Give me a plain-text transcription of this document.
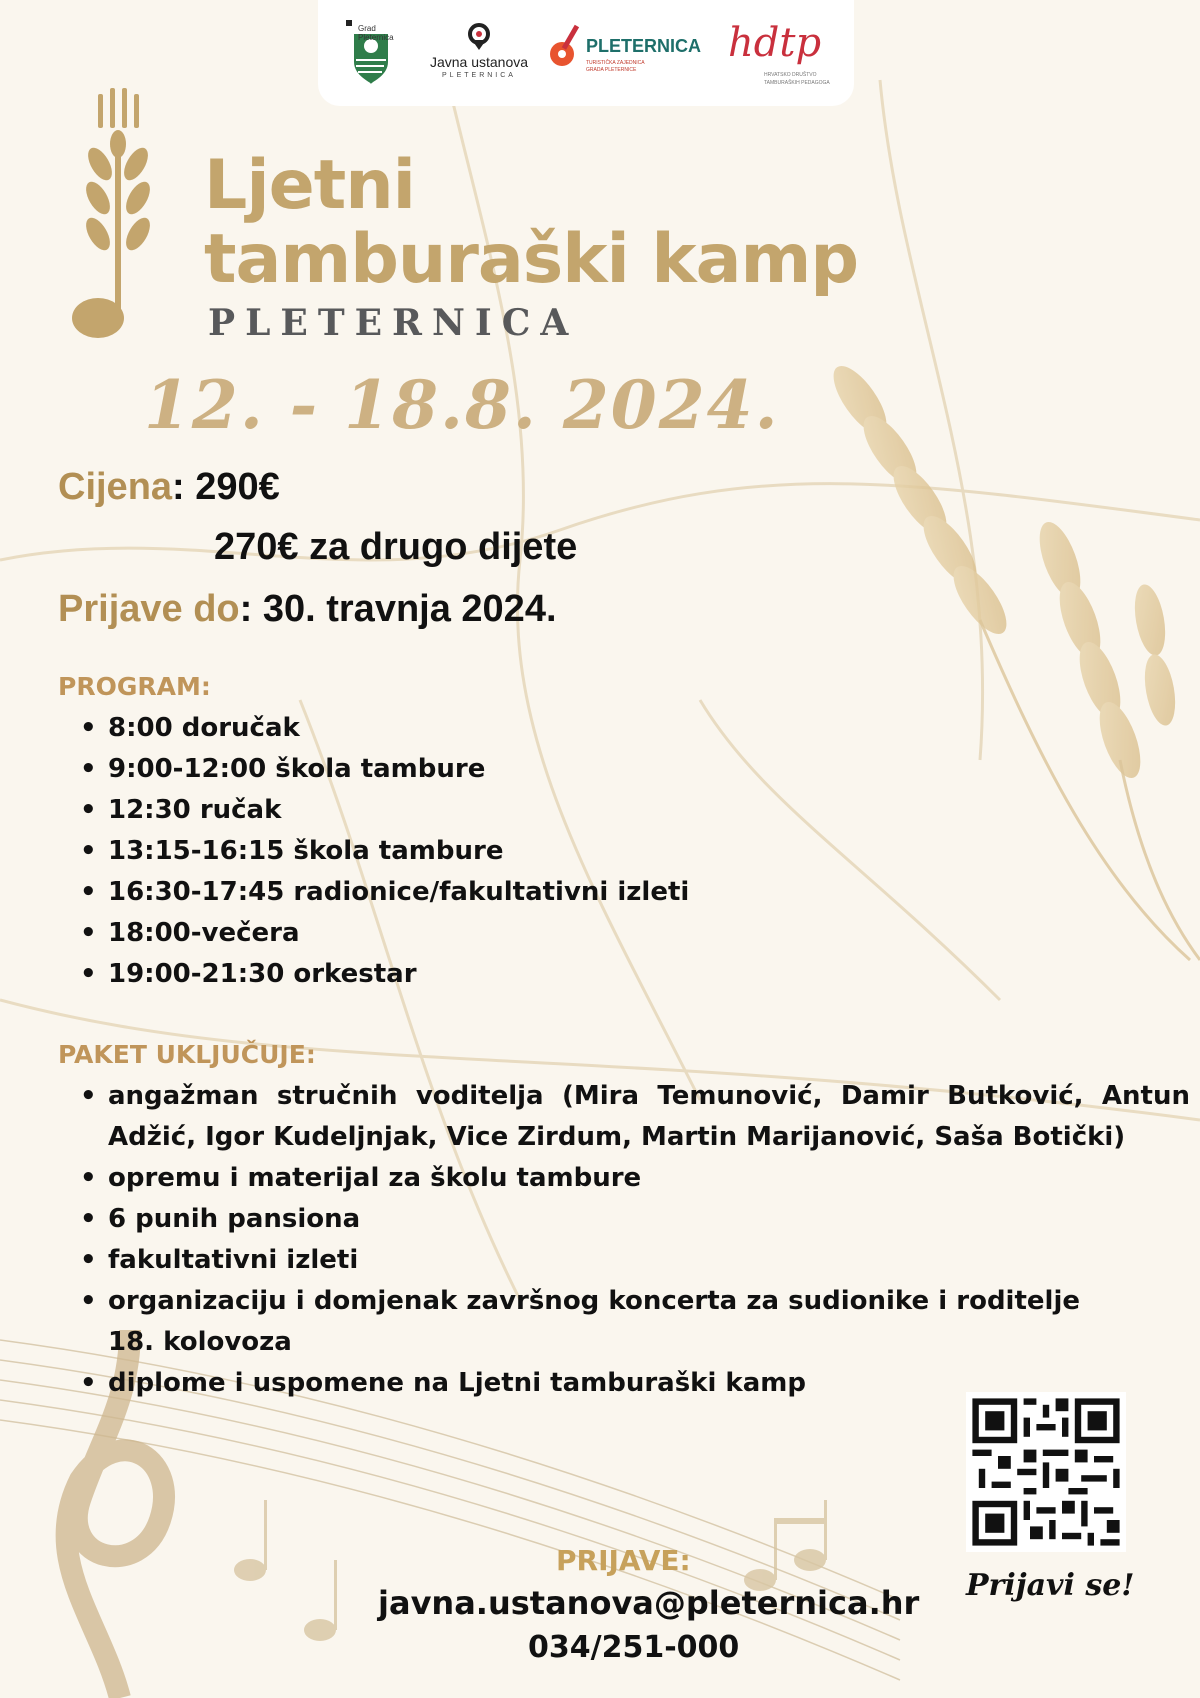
Grad Pleternica
Javna ustanova
PLETERNICA
PLETERNICA
TURISTIČKA ZAJEDNICA
GRADA PLETERNICE
hdtp
HRVATSKO DRUŠTVO
TAMBURAŠKIH PEDAGOGA
Ljetni
tamburaški kamp
PLETERNICA
12. - 18.8. 2024.
Cijena: 290€
270€ za drugo dijete
Prijave do: 30. travnja 2024.
PROGRAM:
• 8:00 doručak
• 9:00-12:00 škola tambure
• 12:30 ručak
• 13:15-16:15 škola tambure
• 16:30-17:45 radionice/fakultativni izleti
• 18:00-večera
• 19:00-21:30 orkestar
PAKET UKLJUČUJE:
• angažman stručnih voditelja (Mira Temunović, Damir Butković, Antun Adžić, Igor Kudeljnjak, Vice Zirdum, Martin Marijanović, Saša Botički)
• opremu i materijal za školu tambure
• 6 punih pansiona
• fakultativni izleti
• organizaciju i domjenak završnog koncerta za sudionike i roditelje 18. kolovoza
• diplome i uspomene na Ljetni tamburaški kamp
Prijavi se!
PRIJAVE:
javna.ustanova@pleternica.hr
034/251-000
